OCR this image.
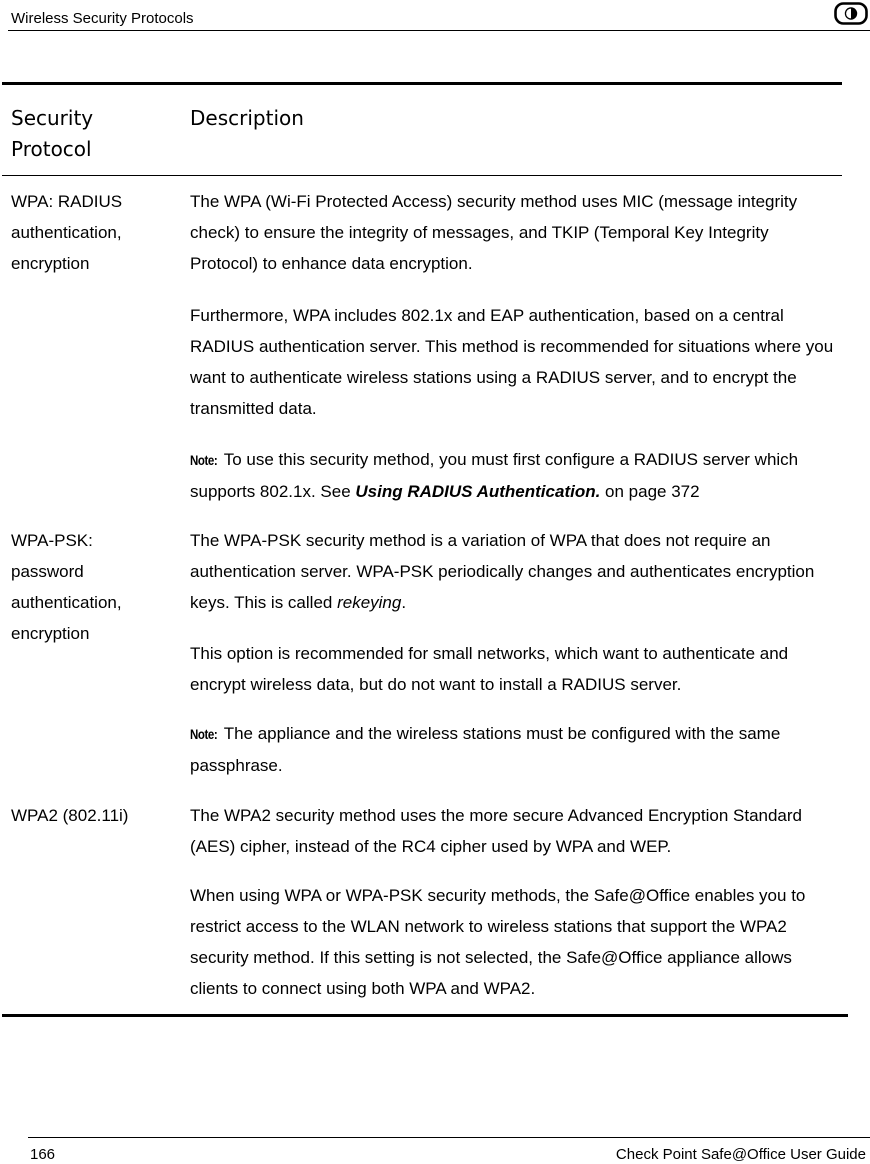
Wireless Security Protocols
Security Protocol
Description
WPA: RADIUS authentication, encryption

The WPA (Wi-Fi Protected Access) security method uses MIC (message integrity check) to ensure the integrity of messages, and TKIP (Temporal Key Integrity Protocol) to enhance data encryption.

Furthermore, WPA includes 802.1x and EAP authentication, based on a central RADIUS authentication server. This method is recommended for situations where you want to authenticate wireless stations using a RADIUS server, and to encrypt the transmitted data.

Note: To use this security method, you must first configure a RADIUS server which supports 802.1x. See Using RADIUS Authentication. on page 372

WPA-PSK: password authentication, encryption

The WPA-PSK security method is a variation of WPA that does not require an authentication server. WPA-PSK periodically changes and authenticates encryption keys. This is called rekeying.

This option is recommended for small networks, which want to authenticate and encrypt wireless data, but do not want to install a RADIUS server.

Note: The appliance and the wireless stations must be configured with the same passphrase.

WPA2 (802.11i)	The WPA2 security method uses the more secure Advanced Encryption Standard (AES) cipher, instead of the RC4 cipher used by WPA and WEP.

When using WPA or WPA-PSK security methods, the Safe@Office enables you to restrict access to the WLAN network to wireless stations that support the WPA2 security method. If this setting is not selected, the Safe@Office appliance allows clients to connect using both WPA and WPA2.

166	Check Point Safe@Office User Guide
